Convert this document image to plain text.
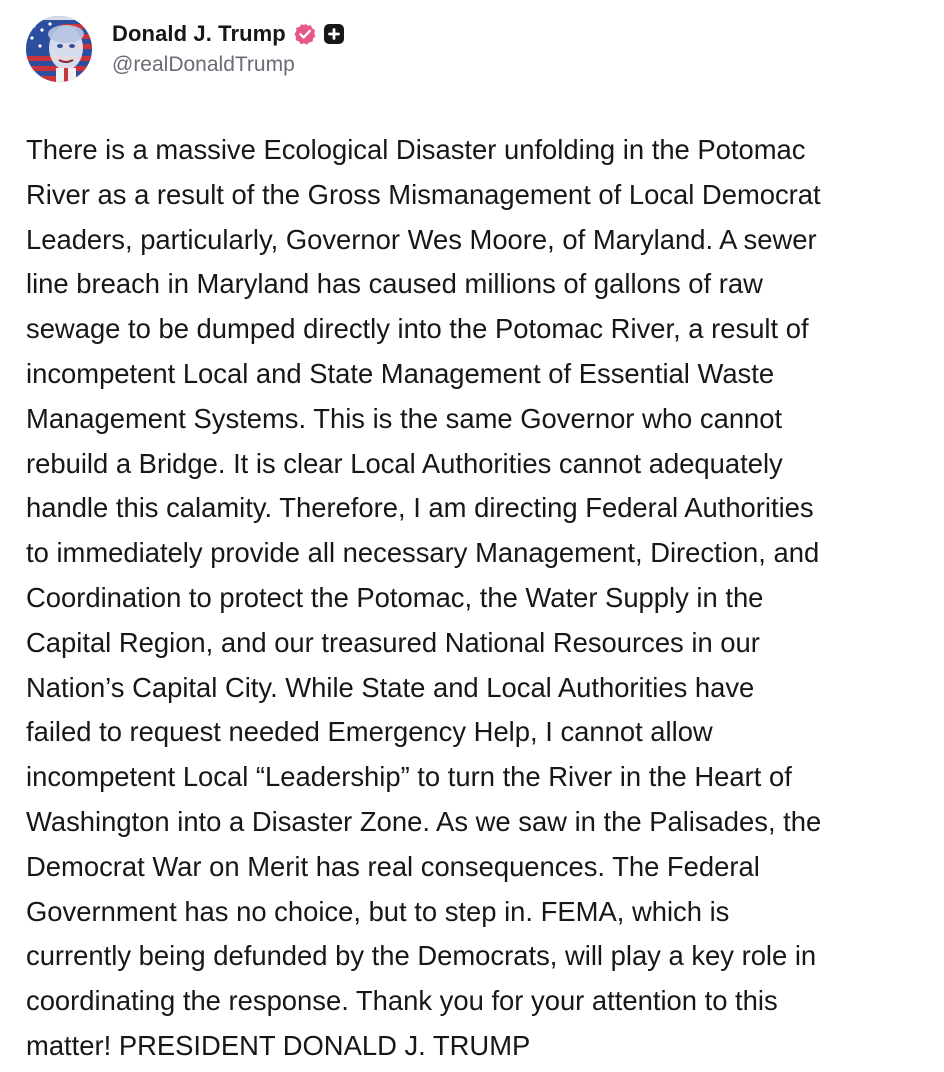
Donald J. Trump
@realDonaldTrump
There is a massive Ecological Disaster unfolding in the Potomac
River as a result of the Gross Mismanagement of Local Democrat
Leaders, particularly, Governor Wes Moore, of Maryland. A sewer
line breach in Maryland has caused millions of gallons of raw
sewage to be dumped directly into the Potomac River, a result of
incompetent Local and State Management of Essential Waste
Management Systems. This is the same Governor who cannot
rebuild a Bridge. It is clear Local Authorities cannot adequately
handle this calamity. Therefore, I am directing Federal Authorities
to immediately provide all necessary Management, Direction, and
Coordination to protect the Potomac, the Water Supply in the
Capital Region, and our treasured National Resources in our
Nation’s Capital City. While State and Local Authorities have
failed to request needed Emergency Help, I cannot allow
incompetent Local “Leadership” to turn the River in the Heart of
Washington into a Disaster Zone. As we saw in the Palisades, the
Democrat War on Merit has real consequences. The Federal
Government has no choice, but to step in. FEMA, which is
currently being defunded by the Democrats, will play a key role in
coordinating the response. Thank you for your attention to this
matter! PRESIDENT DONALD J. TRUMP
